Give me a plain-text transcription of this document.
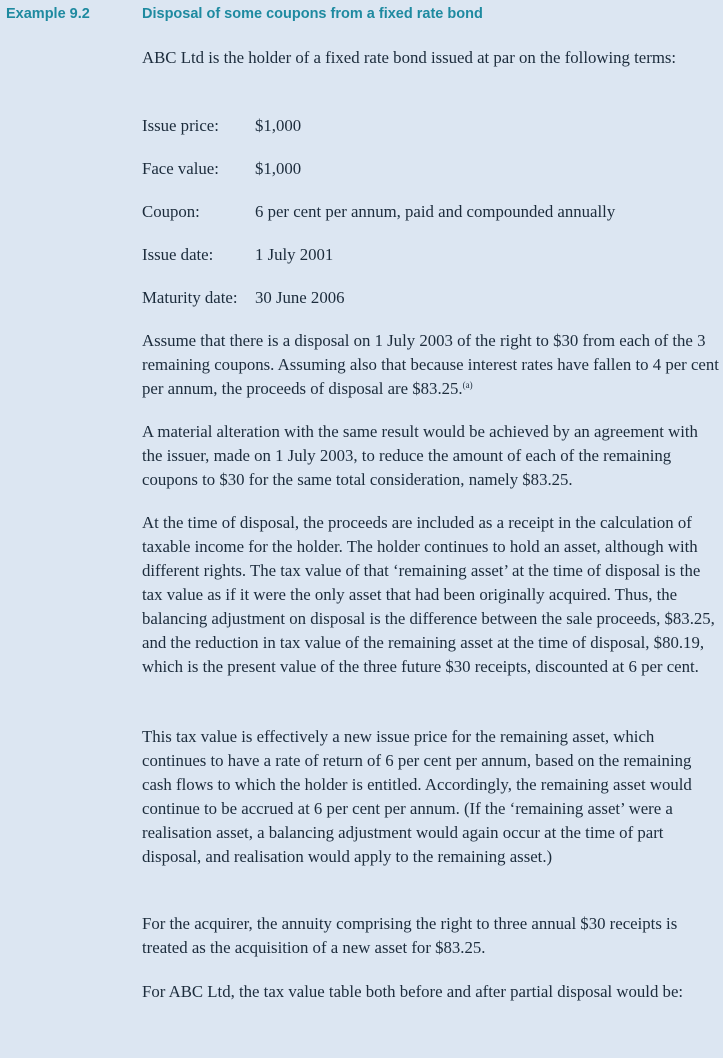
Example 9.2	Disposal of some coupons from a fixed rate bond

ABC Ltd is the holder of a fixed rate bond issued at par on the following terms:

Issue price: $1,000
Face value: $1,000
Coupon:	6 per cent per annum, paid and compounded annually
Issue date: 1 July 2001
Maturity date: 30 June 2006

Assume that there is a disposal on 1 July 2003 of the right to $30 from each of the 3 remaining coupons. Assuming also that because interest rates have fallen to 4 per cent per annum, the proceeds of disposal are $83.25.$^{(a)}$

A material alteration with the same result would be achieved by an agreement with the issuer, made on 1 July 2003, to reduce the amount of each of the remaining coupons to $30 for the same total consideration, namely $83.25.

At the time of disposal, the proceeds are included as a receipt in the calculation of taxable income for the holder. The holder continues to hold an asset, although with different rights. The tax value of that ‘remaining asset’ at the time of disposal is the tax value as if it were the only asset that had been originally acquired. Thus, the balancing adjustment on disposal is the difference between the sale proceeds, $83.25, and the reduction in tax value of the remaining asset at the time of disposal, $80.19, which is the present value of the three future $30 receipts, discounted at 6 per cent.

This tax value is effectively a new issue price for the remaining asset, which continues to have a rate of return of 6 per cent per annum, based on the remaining cash flows to which the holder is entitled. Accordingly, the remaining asset would continue to be accrued at 6 per cent per annum. (If the ‘remaining asset’ were a realisation asset, a balancing adjustment would again occur at the time of part disposal, and realisation would apply to the remaining asset.)

For the acquirer, the annuity comprising the right to three annual $30 receipts is treated as the acquisition of a new asset for $83.25.

For ABC Ltd, the tax value table both before and after partial disposal would be:
